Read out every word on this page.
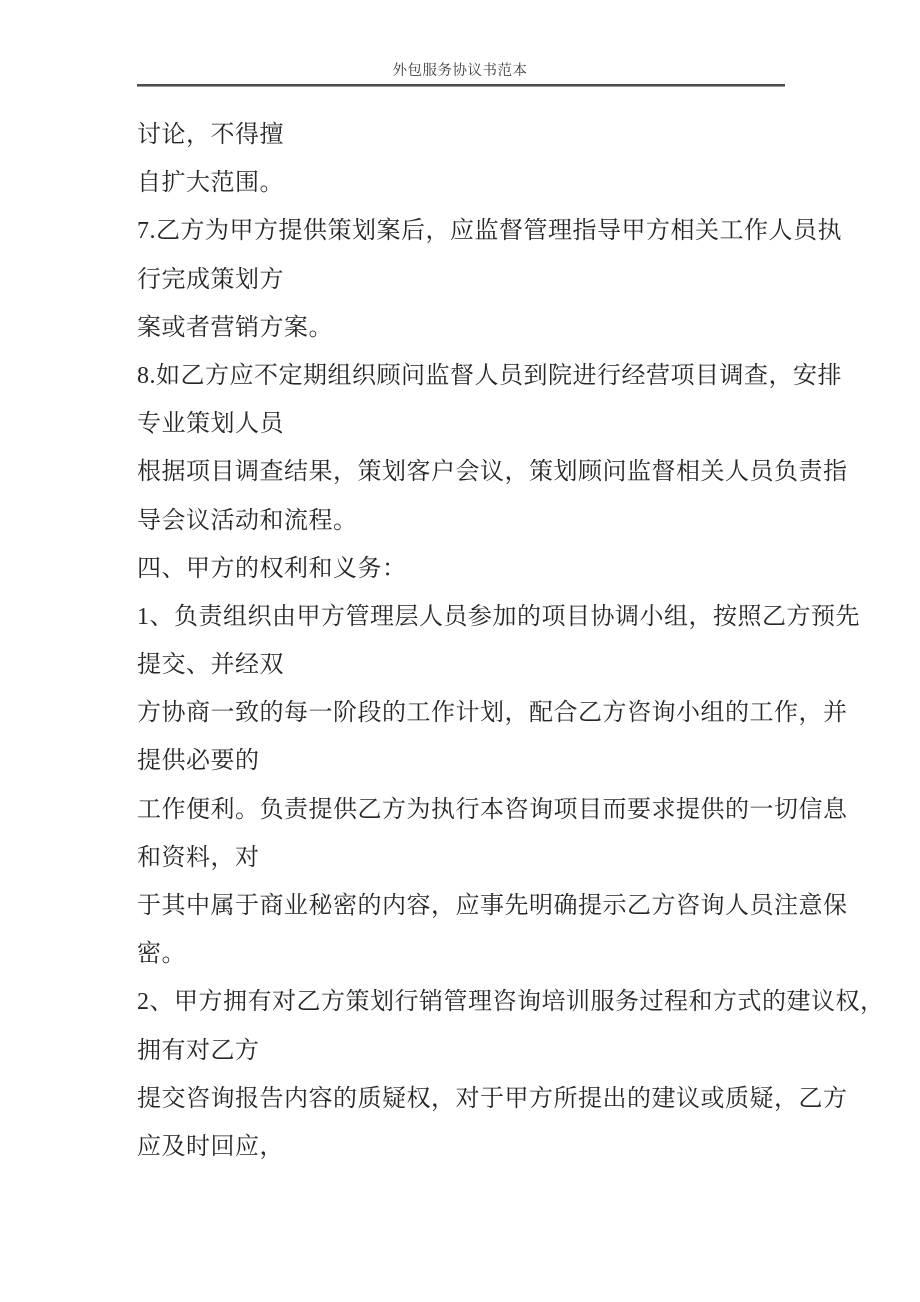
外包服务协议书范本
讨论，不得擅
自扩大范围。
7.乙方为甲方提供策划案后，应监督管理指导甲方相关工作人员执
行完成策划方
案或者营销方案。
8.如乙方应不定期组织顾问监督人员到院进行经营项目调查，安排
专业策划人员
根据项目调查结果，策划客户会议，策划顾问监督相关人员负责指
导会议活动和流程。
四、甲方的权利和义务：
1、负责组织由甲方管理层人员参加的项目协调小组，按照乙方预先
提交、并经双
方协商一致的每一阶段的工作计划，配合乙方咨询小组的工作，并
提供必要的
工作便利。负责提供乙方为执行本咨询项目而要求提供的一切信息
和资料，对
于其中属于商业秘密的内容，应事先明确提示乙方咨询人员注意保
密。
2、甲方拥有对乙方策划行销管理咨询培训服务过程和方式的建议权，
拥有对乙方
提交咨询报告内容的质疑权，对于甲方所提出的建议或质疑，乙方
应及时回应，
